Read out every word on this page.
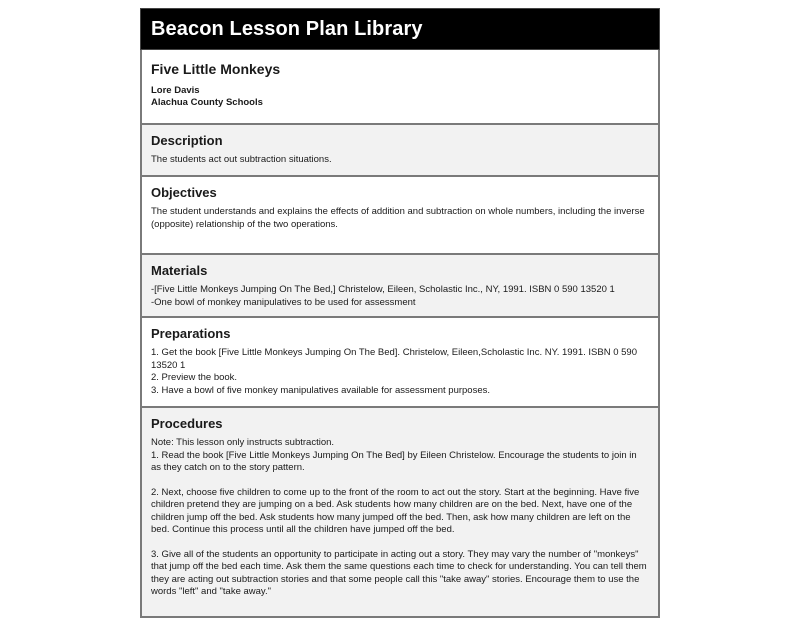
Beacon Lesson Plan Library
Five Little Monkeys
Lore Davis
Alachua County Schools
Description

The students act out subtraction situations.

Objectives

The student understands and explains the effects of addition and subtraction on whole numbers, including the inverse (opposite) relationship of the two operations.

Materials
-[Five Little Monkeys Jumping On The Bed,] Christelow, Eileen, Scholastic Inc., NY, 1991. ISBN 0 590 13520 1
-One bowl of monkey manipulatives to be used for assessment
Preparations
1. Get the book [Five Little Monkeys Jumping On The Bed]. Christelow, Eileen,Scholastic Inc. NY. 1991. ISBN 0 590 13520 1
2. Preview the book.
3. Have a bowl of five monkey manipulatives available for assessment purposes.
Procedures
Note: This lesson only instructs subtraction.
1. Read the book [Five Little Monkeys Jumping On The Bed] by Eileen Christelow. Encourage the students to join in as they catch on to the story pattern.
2. Next, choose five children to come up to the front of the room to act out the story. Start at the beginning. Have five children pretend they are jumping on a bed. Ask students how many children are on the bed. Next, have one of the children jump off the bed. Ask students how many jumped off the bed. Then, ask how many children are left on the bed. Continue this process until all the children have jumped off the bed.
3. Give all of the students an opportunity to participate in acting out a story. They may vary the number of "monkeys" that jump off the bed each time. Ask them the same questions each time to check for understanding. You can tell them they are acting out subtraction stories and that some people call this "take away" stories. Encourage them to use the words "left" and "take away."
